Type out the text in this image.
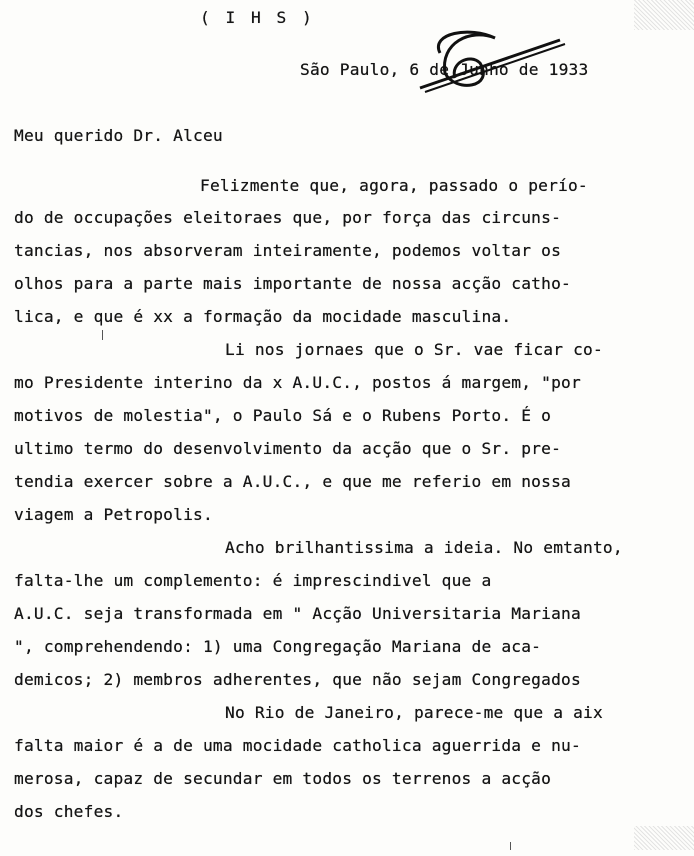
( I H S )
São Paulo, 6 de Junho de 1933
Meu querido Dr. Alceu
Felizmente que, agora, passado o perío-
do de occupações eleitoraes que, por força das circuns-
tancias, nos absorveram inteiramente, podemos voltar os
olhos para a parte mais importante de nossa acção catho-
lica, e que é xx a formação da mocidade masculina.
Li nos jornaes que o Sr. vae ficar co-
mo Presidente interino da x A.U.C., postos á margem, "por
motivos de molestia", o Paulo Sá e o Rubens Porto. É o
ultimo termo do desenvolvimento da acção que o Sr. pre-
tendia exercer sobre a A.U.C., e que me referio em nossa
viagem a Petropolis.
Acho brilhantissima a ideia. No emtanto,
falta-lhe um complemento: é imprescindivel que a
A.U.C. seja transformada em " Acção Universitaria Mariana
", comprehendendo: 1) uma Congregação Mariana de aca-
demicos; 2) membros adherentes, que não sejam Congregados
No Rio de Janeiro, parece-me que a aix
falta maior é a de uma mocidade catholica aguerrida e nu-
merosa, capaz de secundar em todos os terrenos a acção
dos chefes.
